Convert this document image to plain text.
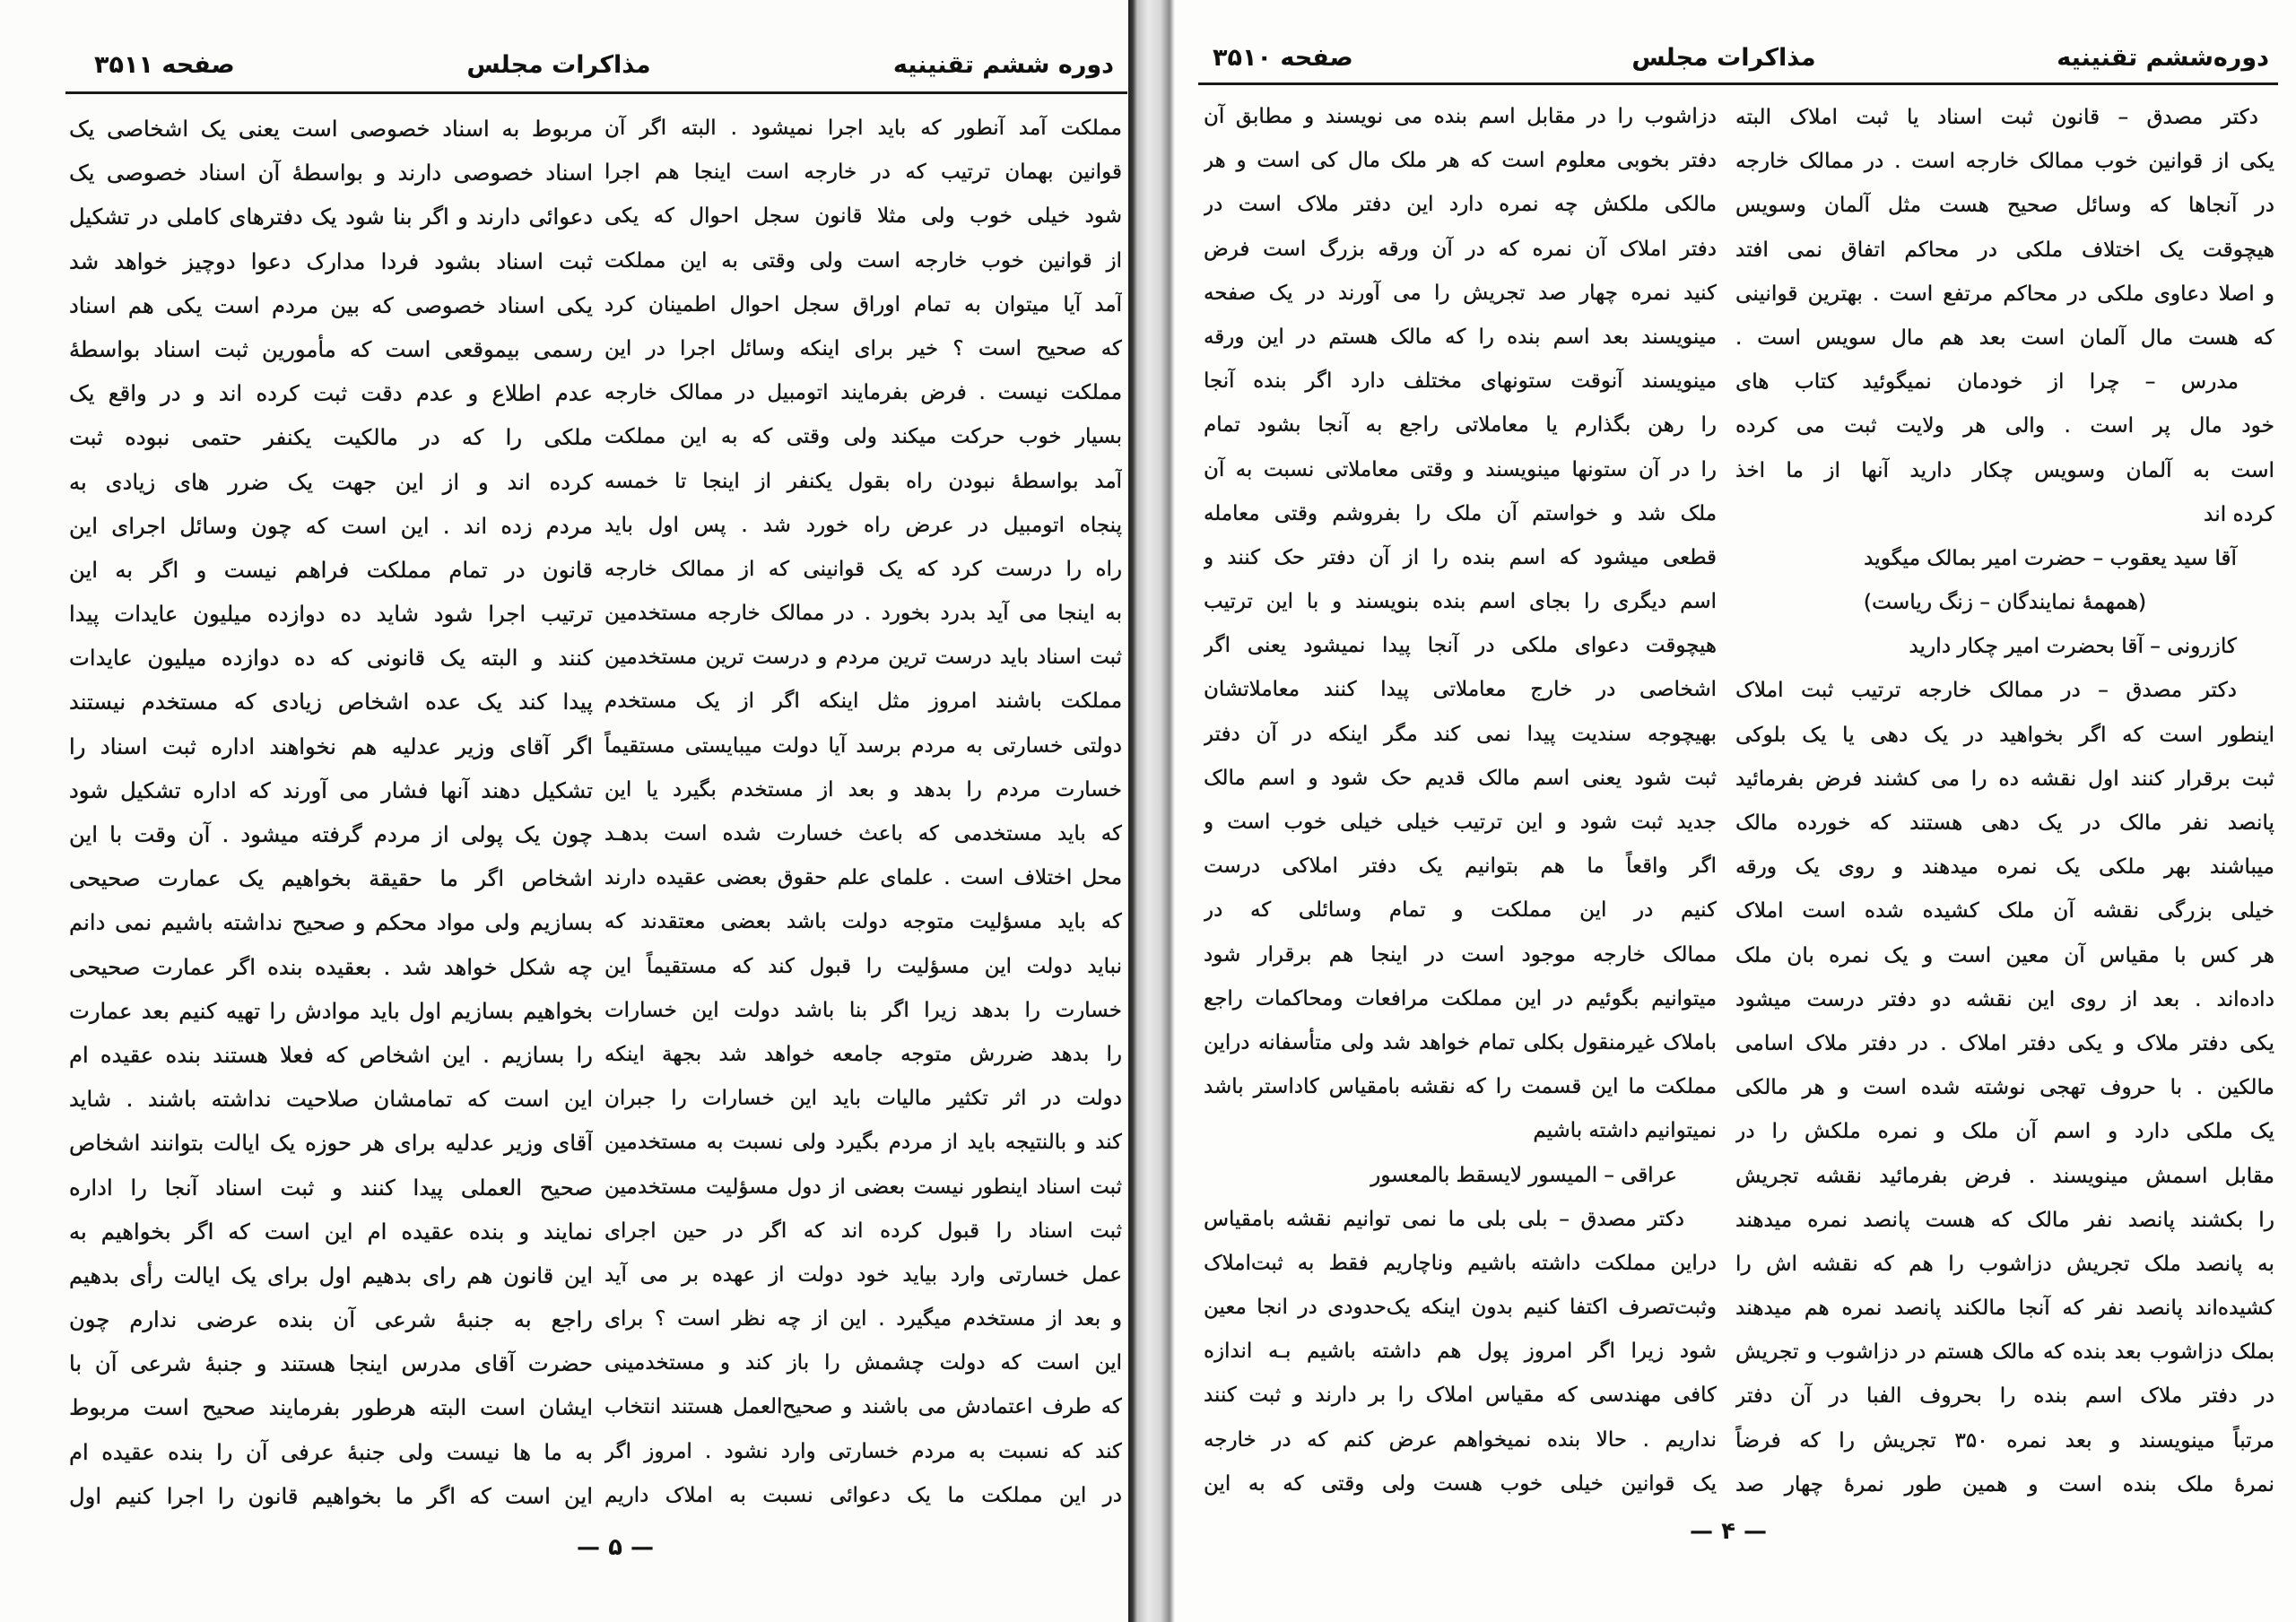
صفحه ۳۵۱۱	مذاکرات مجلس	دوره ششم تقنینیه
مملکت آمد آنطور که باید اجرا نمیشود . البته اگر آن
قوانین بهمان ترتیب که در خارجه است اینجا هم اجرا
شود خیلی خوب ولی مثلا قانون سجل احوال که یکی
از قوانین خوب خارجه است ولی وقتی به این مملکت
آمد آیا میتوان به تمام اوراق سجل احوال اطمینان کرد
که صحیح است ؟ خیر برای اینکه وسائل اجرا در این
مملکت نیست . فرض بفرمایند اتومبیل در ممالک خارجه
بسیار خوب حرکت میکند ولی وقتی که به این مملکت
آمد بواسطهٔ نبودن راه بقول یکنفر از اینجا تا خمسه
پنجاه اتومبیل در عرض راه خورد شد . پس اول باید
راه را درست کرد که یک قوانینی که از ممالک خارجه
به اینجا می آید بدرد بخورد . در ممالک خارجه مستخدمین
ثبت اسناد باید درست ترین مردم و درست ترین مستخدمین
مملکت باشند امروز مثل اینکه اگر از یک مستخدم
دولتی خسارتی به مردم برسد آیا دولت میبایستی مستقیماً
خسارت مردم را بدهد و بعد از مستخدم بگیرد یا این
که باید مستخدمی که باعث خسارت شده است بدهـد
محل اختلاف است . علمای علم حقوق بعضی عقیده دارند
که باید مسؤلیت متوجه دولت باشد بعضی معتقدند که
نباید دولت این مسؤلیت را قبول کند که مستقیماً این
خسارت را بدهد زیرا اگر بنا باشد دولت این خسارات
را بدهد ضررش متوجه جامعه خواهد شد بجهة اینکه
دولت در اثر تکثیر مالیات باید این خسارات را جبران
کند و بالنتیجه باید از مردم بگیرد ولی نسبت به مستخدمین
ثبت اسناد اینطور نیست بعضی از دول مسؤلیت مستخدمین
ثبت اسناد را قبول کرده اند که اگر در حین اجرای
عمل خسارتی وارد بیاید خود دولت از عهده بر می آید
و بعد از مستخدم میگیرد . این از چه نظر است ؟ برای
این است که دولت چشمش را باز کند و مستخدمینی
که طرف اعتمادش می باشند و صحیح‌العمل هستند انتخاب
کند که نسبت به مردم خسارتی وارد نشود . امروز اگر
در این مملکت ما یک دعوائی نسبت به املاک داریم
مربوط به اسناد خصوصی است یعنی یک اشخاصی یک
اسناد خصوصی دارند و بواسطهٔ آن اسناد خصوصی یک
دعوائی دارند و اگر بنا شود یک دفترهای کاملی در تشکیل
ثبت اسناد بشود فردا مدارک دعوا دوچیز خواهد شد
یکی اسناد خصوصی که بین مردم است یکی هم اسناد
رسمی بیموقعی است که مأمورین ثبت اسناد بواسطهٔ
عدم اطلاع و عدم دقت ثبت کرده اند و در واقع یک
ملکی را که در مالکیت یکنفر حتمی نبوده ثبت
کرده اند و از این جهت یک ضرر های زیادی به
مردم زده اند . این است که چون وسائل اجرای این
قانون در تمام مملکت فراهم نیست و اگر به این
ترتیب اجرا شود شاید ده دوازده میلیون عایدات پیدا
کنند و البته یک قانونی که ده دوازده میلیون عایدات
پیدا کند یک عده اشخاص زیادی که مستخدم نیستند
اگر آقای وزیر عدلیه هم نخواهند اداره ثبت اسناد را
تشکیل دهند آنها فشار می آورند که اداره تشکیل شود
چون یک پولی از مردم گرفته میشود . آن وقت با این
اشخاص اگر ما حقیقة بخواهیم یک عمارت صحیحی
بسازیم ولی مواد محکم و صحیح نداشته باشیم نمی دانم
چه شکل خواهد شد . بعقیده بنده اگر عمارت صحیحی
بخواهیم بسازیم اول باید موادش را تهیه کنیم بعد عمارت
را بسازیم . این اشخاص که فعلا هستند بنده عقیده ام
این است که تمامشان صلاحیت نداشته باشند . شاید
آقای وزیر عدلیه برای هر حوزه یک ایالت بتوانند اشخاص
صحیح العملی پیدا کنند و ثبت اسناد آنجا را اداره
نمایند و بنده عقیده ام این است که اگر بخواهیم به
این قانون هم رای بدهیم اول برای یک ایالت رأی بدهیم
راجع به جنبهٔ شرعی آن بنده عرضی ندارم چون
حضرت آقای مدرس اینجا هستند و جنبهٔ شرعی آن با
ایشان است البته هرطور بفرمایند صحیح است مربوط
به ما ها نیست ولی جنبهٔ عرفی آن را بنده عقیده ام
این است که اگر ما بخواهیم قانون را اجرا کنیم اول
— ۵ —
صفحه ۳۵۱۰	مذاکرات مجلس	دوره‌ششم تقنینیه
دکتر مصدق – قانون ثبت اسناد یا ثبت املاک البته
یکی از قوانین خوب ممالک خارجه است . در ممالک خارجه
در آنجاها که وسائل صحیح هست مثل آلمان وسویس
هیچوقت یک اختلاف ملکی در محاکم اتفاق نمی افتد
و اصلا دعاوی ملکی در محاکم مرتفع است . بهترین قوانینی
که هست مال آلمان است بعد هم مال سویس است .
مدرس – چرا از خودمان نمیگوئید کتاب های
خود مال پر است . والی هر ولایت ثبت می کرده
است به آلمان وسویس چکار دارید آنها از ما اخذ
کرده اند
آقا سید یعقوب – حضرت امیر بمالک میگوید
(همهمهٔ نمایندگان – زنگ ریاست)
کازرونی – آقا بحضرت امیر چکار دارید
دکتر مصدق – در ممالک خارجه ترتیب ثبت املاک
اینطور است که اگر بخواهید در یک دهی یا یک بلوکی
ثبت برقرار کنند اول نقشه ده را می کشند فرض بفرمائید
پانصد نفر مالک در یک دهی هستند که خورده مالک
میباشند بهر ملکی یک نمره میدهند و روی یک ورقه
خیلی بزرگی نقشه آن ملک کشیده شده است املاک
هر کس با مقیاس آن معین است و یک نمره بان ملک
داده‌اند . بعد از روی این نقشه دو دفتر درست میشود
یکی دفتر ملاک و یکی دفتر املاک . در دفتر ملاک اسامی
مالکین . با حروف تهجی نوشته شده است و هر مالکی
یک ملکی دارد و اسم آن ملک و نمره ملکش را در
مقابل اسمش مینویسند . فرض بفرمائید نقشه تجریش
را بکشند پانصد نفر مالک که هست پانصد نمره میدهند
به پانصد ملک تجریش دزاشوب را هم که نقشه اش را
کشیده‌اند پانصد نفر که آنجا مالکند پانصد نمره هم میدهند
بملک دزاشوب بعد بنده که مالک هستم در دزاشوب و تجریش
در دفتر ملاک اسم بنده را بحروف الفبا در آن دفتر
مرتباً مینویسند و بعد نمره ۳۵۰ تجریش را که فرضاً
نمرهٔ ملک بنده است و همین طور نمرهٔ چهار صد
دزاشوب را در مقابل اسم بنده می نویسند و مطابق آن
دفتر بخوبی معلوم است که هر ملک مال کی است و هر
مالکی ملکش چه نمره دارد این دفتر ملاک است در
دفتر املاک آن نمره که در آن ورقه بزرگ است فرض
کنید نمره چهار صد تجریش را می آورند در یک صفحه
مینویسند بعد اسم بنده را که مالک هستم در این ورقه
مینویسند آنوقت ستونهای مختلف دارد اگر بنده آنجا
را رهن بگذارم یا معاملاتی راجع به آنجا بشود تمام
را در آن ستونها مینویسند و وقتی معاملاتی نسبت به آن
ملک شد و خواستم آن ملک را بفروشم وقتی معامله
قطعی میشود که اسم بنده را از آن دفتر حک کنند و
اسم دیگری را بجای اسم بنده بنویسند و با این ترتیب
هیچوقت دعوای ملکی در آنجا پیدا نمیشود یعنی اگر
اشخاصی در خارج معاملاتی پیدا کنند معاملاتشان
بهیچوجه سندیت پیدا نمی کند مگر اینکه در آن دفتر
ثبت شود یعنی اسم مالک قدیم حک شود و اسم مالک
جدید ثبت شود و این ترتیب خیلی خیلی خوب است و
اگر واقعاً ما هم بتوانیم یک دفتر املاکی درست
کنیم در این مملکت و تمام وسائلی که در
ممالک خارجه موجود است در اینجا هم برقرار شود
میتوانیم بگوئیم در این مملکت مرافعات ومحاکمات راجع
باملاک غیرمنقول بکلی تمام خواهد شد ولی متأسفانه دراین
مملکت ما این قسمت را که نقشه بامقیاس کاداستر باشد
نمیتوانیم داشته باشیم
عراقی – المیسور لایسقط بالمعسور
دکتر مصدق – بلی بلی ما نمی توانیم نقشه بامقیاس
دراین مملکت داشته باشیم وناچاریم فقط به ثبت‌املاک
وثبت‌تصرف اکتفا کنیم بدون اینکه یک‌حدودی در انجا معین
شود زیرا اگر امروز پول هم داشته باشیم بـه اندازه
کافی مهندسی که مقیاس املاک را بر دارند و ثبت کنند
نداریم . حالا بنده نمیخواهم عرض کنم که در خارجه
یک قوانین خیلی خوب هست ولی وقتی که به این
— ۴ —
